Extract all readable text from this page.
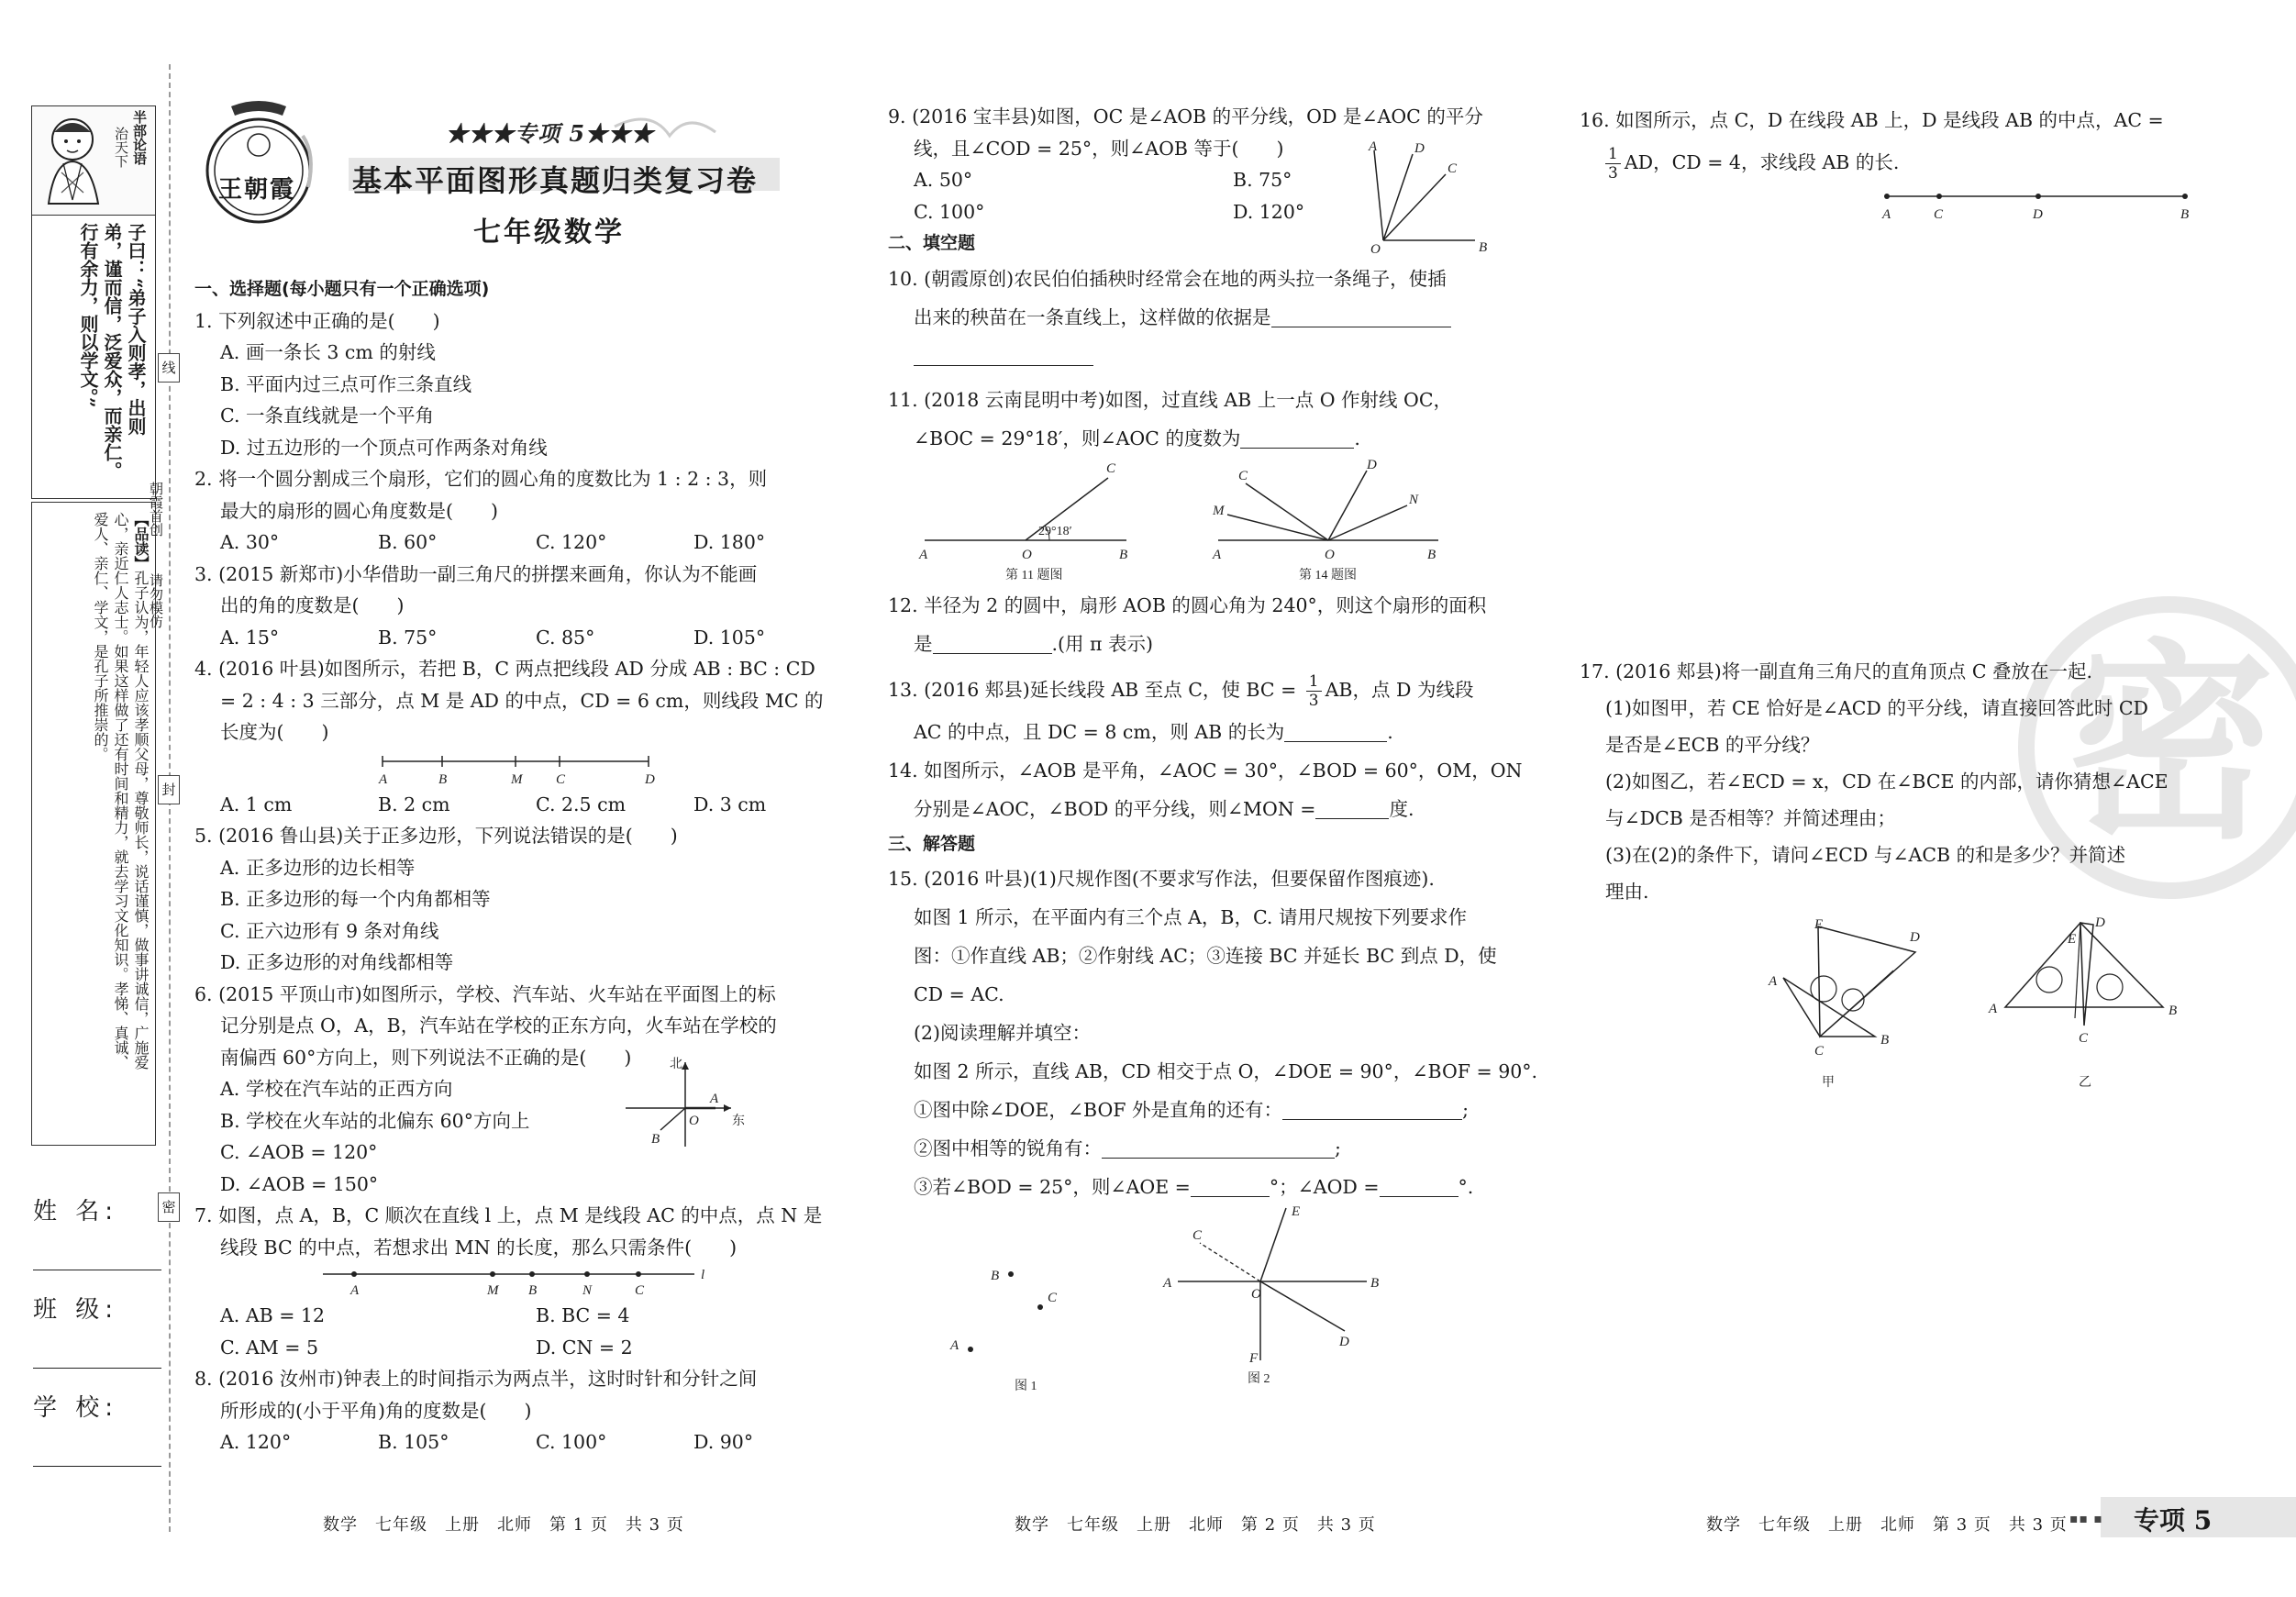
半部论语
治天下
子曰：“弟子入则孝，出则
弟，谨而信，泛爱众，而亲仁。
行有余力，则以学文。”
【品读】孔子认为，年轻人应该孝顺父母，尊敬师长，说话谨慎，做事讲诚信，广施爱
心，亲近仁人志士。如果这样做了还有时间和精力，就去学习文化知识。孝悌、真诚、
爱人、亲仁、学文，是孔子所推崇的。
线
封
密
朝霞首创
请勿模仿
姓 名:
班 级:
学 校:
王朝霞
★★★专项 5★★★
基本平面图形真题归类复习卷
七年级数学
一、选择题(每小题只有一个正确选项)
1. 下列叙述中正确的是(　　)
A. 画一条长 3 cm 的射线
B. 平面内过三点可作三条直线
C. 一条直线就是一个平角
D. 过五边形的一个顶点可作两条对角线
2. 将一个圆分割成三个扇形，它们的圆心角的度数比为 1 : 2 : 3，则
最大的扇形的圆心角度数是(　　)
A. 30°	B. 60°	C. 120°	D. 180°
3. (2015 新郑市)小华借助一副三角尺的拼摆来画角，你认为不能画
出的角的度数是(　　)
A. 15°	B. 75°	C. 85°	D. 105°
4. (2016 叶县)如图所示，若把 B，C 两点把线段 AD 分成 AB : BC : CD
= 2 : 4 : 3 三部分，点 M 是 AD 的中点，CD = 6 cm，则线段 MC 的
长度为(　　)
A	B	M C	D
A. 1 cm	B. 2 cm	C. 2.5 cm	D. 3 cm
5. (2016 鲁山县)关于正多边形，下列说法错误的是(　　)
A. 正多边形的边长相等
B. 正多边形的每一个内角都相等
C. 正六边形有 9 条对角线
D. 正多边形的对角线都相等
6. (2015 平顶山市)如图所示，学校、汽车站、火车站在平面图上的标
记分别是点 O，A，B，汽车站在学校的正东方向，火车站在学校的
南偏西 60°方向上，则下列说法不正确的是(　　)
A. 学校在汽车站的正西方向
B. 学校在火车站的北偏东 60°方向上
C. ∠AOB = 120°
D. ∠AOB = 150°
北
东
O
A
B
7. 如图，点 A，B，C 顺次在直线 l 上，点 M 是线段 AC 的中点，点 N 是
线段 BC 的中点，若想求出 MN 的长度，那么只需条件(　　)
A	M B	N	C
l
A. AB = 12	B. BC = 4
C. AM = 5	D. CN = 2
8. (2016 汝州市)钟表上的时间指示为两点半，这时时针和分针之间
所形成的(小于平角)角的度数是(　　)
A. 120°	B. 105°	C. 100°	D. 90°
9. (2016 宝丰县)如图，OC 是∠AOB 的平分线，OD 是∠AOC 的平分
线，且∠COD = 25°，则∠AOB 等于(　　)
A. 50°	B. 75°
C. 100°	D. 120°
A	D
C
O	B
二、填空题
10. (朝霞原创)农民伯伯插秧时经常会在地的两头拉一条绳子，使插
出来的秧苗在一条直线上，这样做的依据是
11. (2018 云南昆明中考)如图，过直线 AB 上一点 O 作射线 OC，
∠BOC = 29°18′，则∠AOC 的度数为	.
C
A	O	B
29°18′
第 11 题图
C
D
M
N
A	O	B
第 14 题图
12. 半径为 2 的圆中，扇形 AOB 的圆心角为 240°，则这个扇形的面积
是	.(用 π 表示)
13. (2016 郏县)延长线段 AB 至点 C，使 BC = $\frac{1}{3}$ AB，点 D 为线段
AC 的中点，且 DC = 8 cm，则 AB 的长为	.
14. 如图所示，∠AOB 是平角，∠AOC = 30°，∠BOD = 60°，OM，ON
分别是∠AOC，∠BOD 的平分线，则∠MON =	度.
三、解答题
15. (2016 叶县)(1)尺规作图(不要求写作法，但要保留作图痕迹).
如图 1 所示，在平面内有三个点 A，B，C. 请用尺规按下列要求作
图：①作直线 AB；②作射线 AC；③连接 BC 并延长 BC 到点 D，使
CD = AC.
(2)阅读理解并填空：
如图 2 所示，直线 AB，CD 相交于点 O，∠DOE = 90°，∠BOF = 90°.
①图中除∠DOE，∠BOF 外是直角的还有：	;
②图中相等的锐角有：	;
③若∠BOD = 25°，则∠AOE =	°；∠AOD =	°.
B
C
A
图 1
C
E
A
O
B
D
F
图 2
密
16. 如图所示，点 C，D 在线段 AB 上，D 是线段 AB 的中点，AC =
$\frac{1}{3}$ AD，CD = 4，求线段 AB 的长.
A	C	D	B
17. (2016 郏县)将一副直角三角尺的直角顶点 C 叠放在一起.
(1)如图甲，若 CE 恰好是∠ACD 的平分线，请直接回答此时 CD
是否是∠ECB 的平分线？
(2)如图乙，若∠ECD = x，CD 在∠BCE 的内部，请你猜想∠ACE
与∠DCB 是否相等？并简述理由；
(3)在(2)的条件下，请问∠ECD 与∠ACB 的和是多少？并简述
理由.
E
D
A
C
B
甲
E
D
A
C
B
乙
数学　七年级　上册　北师　第 1 页　共 3 页	数学　七年级　上册　北师　第 2 页　共 3 页	数学　七年级　上册　北师　第 3 页　共 3 页 ▪▪ ▪ 专项 5
